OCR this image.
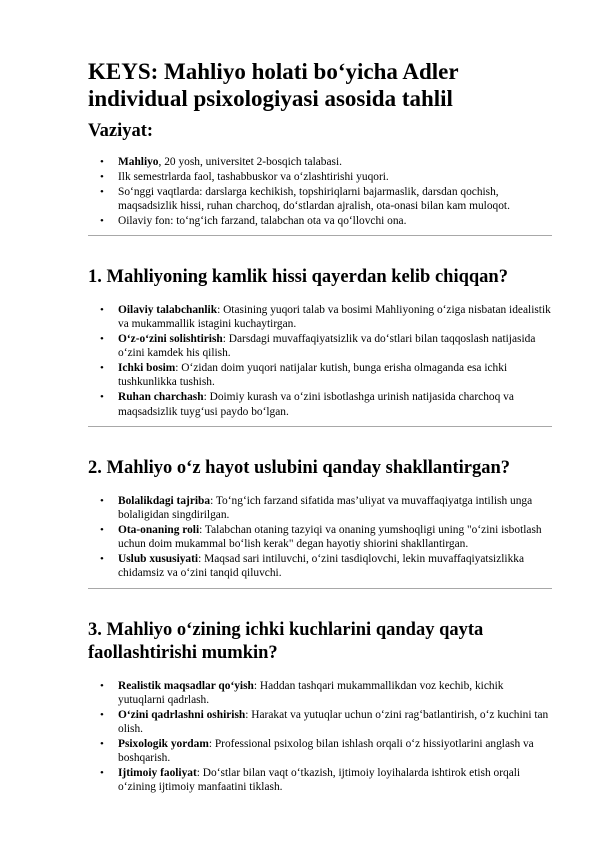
KEYS: Mahliyo holati bo‘yicha Adler individual psixologiyasi asosida tahlil
Vaziyat:
• Mahliyo, 20 yosh, universitet 2-bosqich talabasi.
• Ilk semestrlarda faol, tashabbuskor va o‘zlashtirishi yuqori.
• So‘nggi vaqtlarda: darslarga kechikish, topshiriqlarni bajarmaslik, darsdan qochish, maqsadsizlik hissi, ruhan charchoq, do‘stlardan ajralish, ota-onasi bilan kam muloqot.
• Oilaviy fon: to‘ng‘ich farzand, talabchan ota va qo‘llovchi ona.
1. Mahliyoning kamlik hissi qayerdan kelib chiqqan?
• Oilaviy talabchanlik: Otasining yuqori talab va bosimi Mahliyoning o‘ziga nisbatan idealistik va mukammallik istagini kuchaytirgan.
• O‘z-o‘zini solishtirish: Darsdagi muvaffaqiyatsizlik va do‘stlari bilan taqqoslash natijasida o‘zini kamdek his qilish.
• Ichki bosim: O‘zidan doim yuqori natijalar kutish, bunga erisha olmaganda esa ichki tushkunlikka tushish.
• Ruhan charchash: Doimiy kurash va o‘zini isbotlashga urinish natijasida charchoq va maqsadsizlik tuyg‘usi paydo bo‘lgan.
2. Mahliyo o‘z hayot uslubini qanday shakllantirgan?
• Bolalikdagi tajriba: To‘ng‘ich farzand sifatida mas’uliyat va muvaffaqiyatga intilish unga bolaligidan singdirilgan.
• Ota-onaning roli: Talabchan otaning tazyiqi va onaning yumshoqligi uning "o‘zini isbotlash uchun doim mukammal bo‘lish kerak" degan hayotiy shiorini shakllantirgan.
• Uslub xususiyati: Maqsad sari intiluvchi, o‘zini tasdiqlovchi, lekin muvaffaqiyatsizlikka chidamsiz va o‘zini tanqid qiluvchi.
3. Mahliyo o‘zining ichki kuchlarini qanday qayta faollashtirishi mumkin?
• Realistik maqsadlar qo‘yish: Haddan tashqari mukammallikdan voz kechib, kichik yutuqlarni qadrlash.
• O‘zini qadrlashni oshirish: Harakat va yutuqlar uchun o‘zini rag‘batlantirish, o‘z kuchini tan olish.
• Psixologik yordam: Professional psixolog bilan ishlash orqali o‘z hissiyotlarini anglash va boshqarish.
• Ijtimoiy faoliyat: Do‘stlar bilan vaqt o‘tkazish, ijtimoiy loyihalarda ishtirok etish orqali o‘zining ijtimoiy manfaatini tiklash.
